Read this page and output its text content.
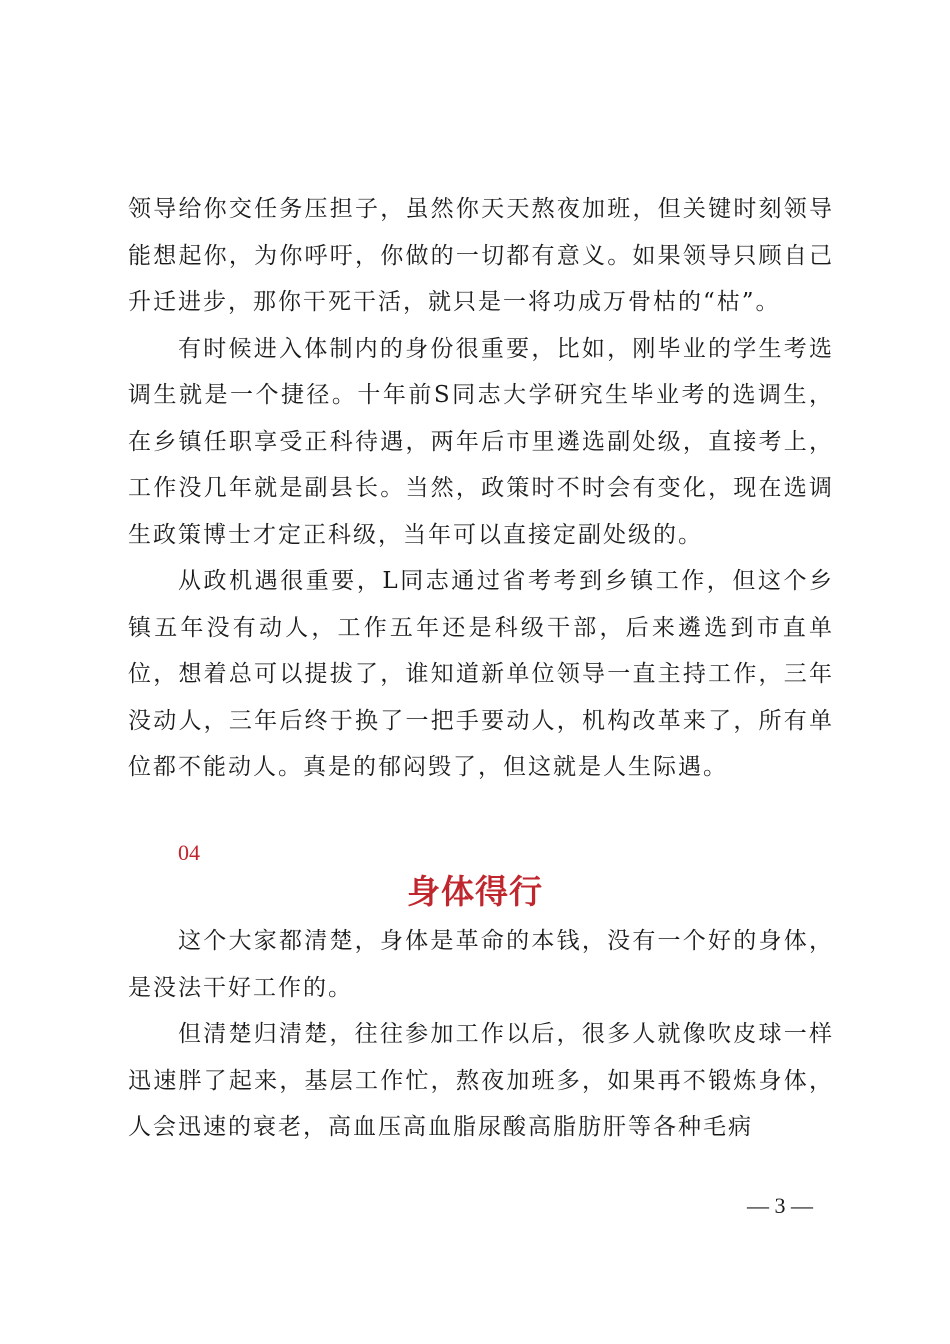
领导给你交任务压担子，虽然你天天熬夜加班，但关键时刻领导能想起你，为你呼吁，你做的一切都有意义。如果领导只顾自己升迁进步，那你干死干活，就只是一将功成万骨枯的“枯”。

有时候进入体制内的身份很重要，比如，刚毕业的学生考选调生就是一个捷径。十年前S同志大学研究生毕业考的选调生，在乡镇任职享受正科待遇，两年后市里遴选副处级，直接考上，工作没几年就是副县长。当然，政策时不时会有变化，现在选调生政策博士才定正科级，当年可以直接定副处级的。

从政机遇很重要，L同志通过省考考到乡镇工作，但这个乡镇五年没有动人，工作五年还是科级干部，后来遴选到市直单位，想着总可以提拔了，谁知道新单位领导一直主持工作，三年没动人，三年后终于换了一把手要动人，机构改革来了，所有单位都不能动人。真是的郁闷毁了，但这就是人生际遇。

04
身体得行

这个大家都清楚，身体是革命的本钱，没有一个好的身体，是没法干好工作的。

但清楚归清楚，往往参加工作以后，很多人就像吹皮球一样迅速胖了起来，基层工作忙，熬夜加班多，如果再不锻炼身体，人会迅速的衰老，高血压高血脂尿酸高脂肪肝等各种毛病

— 3 —
